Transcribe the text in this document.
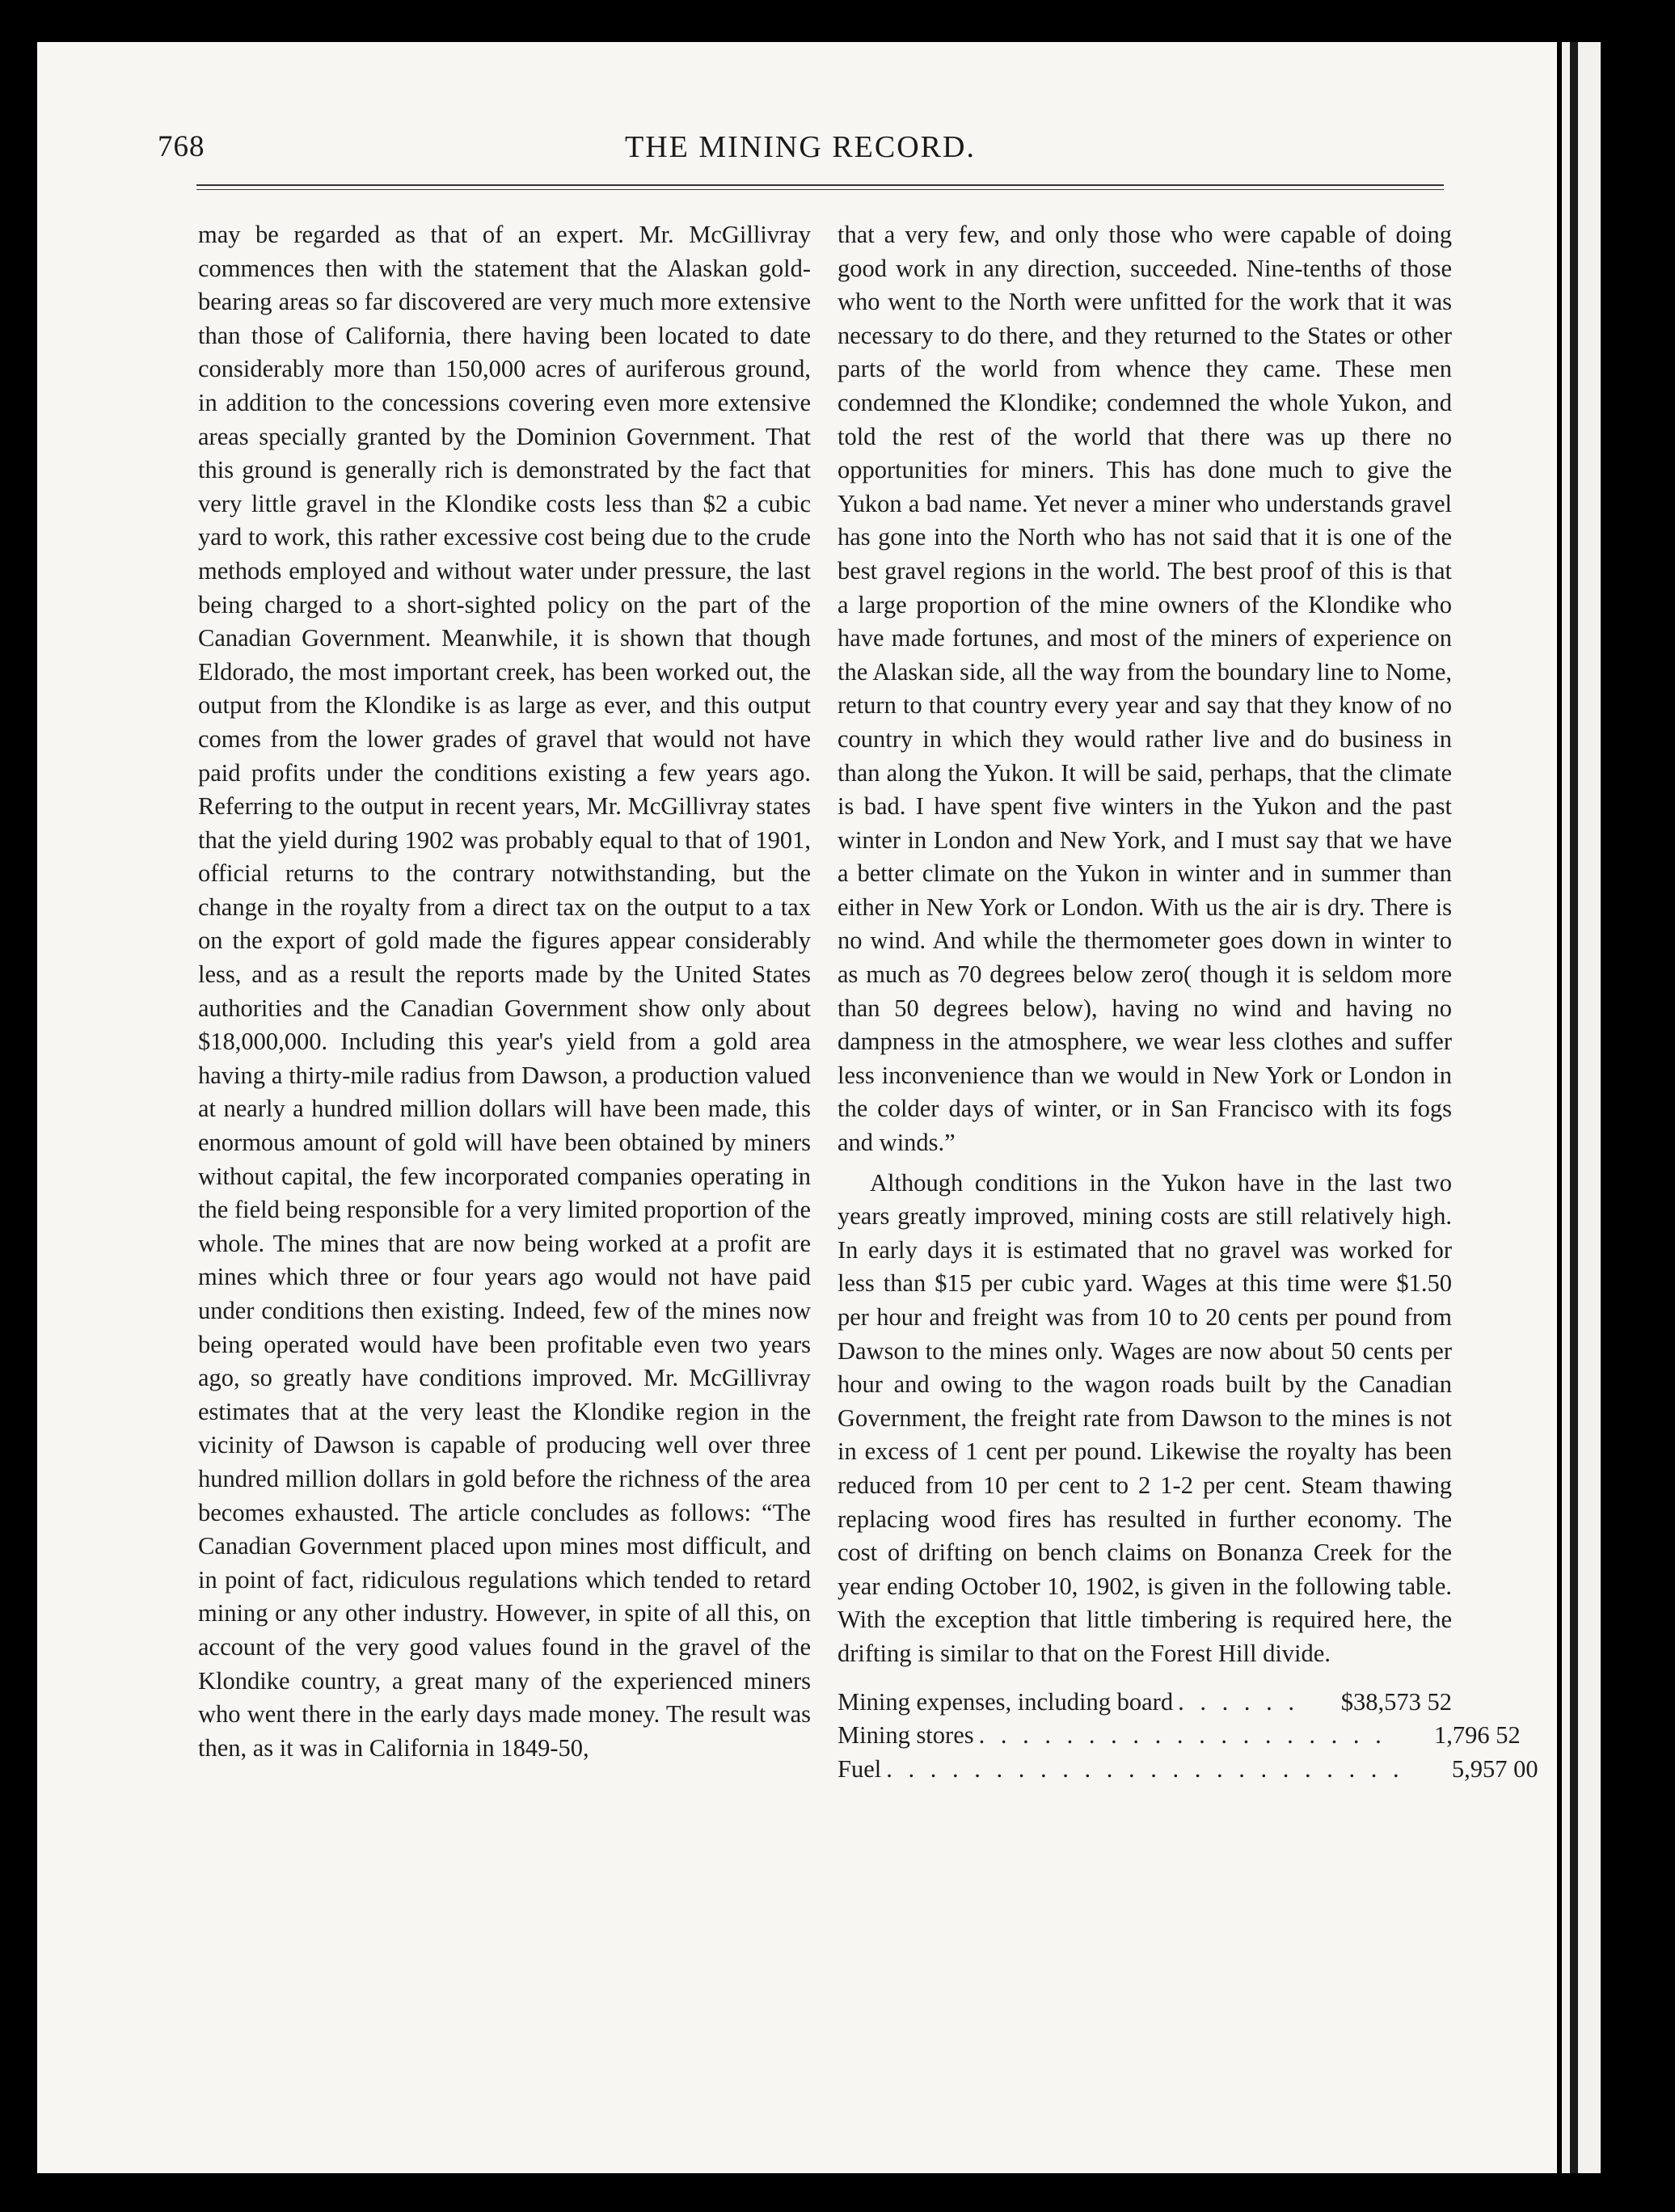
768	THE MINING RECORD.

may be regarded as that of an expert. Mr. McGillivray commences then with the statement that the Alaskan gold-bearing areas so far discovered are very much more extensive than those of California, there having been located to date considerably more than 150,000 acres of auriferous ground, in addition to the concessions covering even more extensive areas specially granted by the Dominion Government. That this ground is generally rich is demonstrated by the fact that very little gravel in the Klondike costs less than $2 a cubic yard to work, this rather excessive cost being due to the crude methods employed and without water under pressure, the last being charged to a short-sighted policy on the part of the Canadian Government. Meanwhile, it is shown that though Eldorado, the most important creek, has been worked out, the output from the Klondike is as large as ever, and this output comes from the lower grades of gravel that would not have paid profits under the conditions existing a few years ago. Referring to the output in recent years, Mr. McGillivray states that the yield during 1902 was probably equal to that of 1901, official returns to the contrary notwithstanding, but the change in the royalty from a direct tax on the output to a tax on the export of gold made the figures appear considerably less, and as a result the reports made by the United States authorities and the Canadian Government show only about $18,000,000. Including this year's yield from a gold area having a thirty-mile radius from Dawson, a production valued at nearly a hundred million dollars will have been made, this enormous amount of gold will have been obtained by miners without capital, the few incorporated companies operating in the field being responsible for a very limited proportion of the whole. The mines that are now being worked at a profit are mines which three or four years ago would not have paid under conditions then existing. Indeed, few of the mines now being operated would have been profitable even two years ago, so greatly have conditions improved. Mr. McGillivray estimates that at the very least the Klondike region in the vicinity of Dawson is capable of producing well over three hundred million dollars in gold before the richness of the area becomes exhausted. The article concludes as follows: “The Canadian Government placed upon mines most difficult, and in point of fact, ridiculous regulations which tended to retard mining or any other industry. However, in spite of all this, on account of the very good values found in the gravel of the Klondike country, a great many of the experienced miners who went there in the early days made money. The result was then, as it was in California in 1849-50,

that a very few, and only those who were capable of doing good work in any direction, succeeded. Nine-tenths of those who went to the North were unfitted for the work that it was necessary to do there, and they returned to the States or other parts of the world from whence they came. These men condemned the Klondike; condemned the whole Yukon, and told the rest of the world that there was up there no opportunities for miners. This has done much to give the Yukon a bad name. Yet never a miner who understands gravel has gone into the North who has not said that it is one of the best gravel regions in the world. The best proof of this is that a large proportion of the mine owners of the Klondike who have made fortunes, and most of the miners of experience on the Alaskan side, all the way from the boundary line to Nome, return to that country every year and say that they know of no country in which they would rather live and do business in than along the Yukon. It will be said, perhaps, that the climate is bad. I have spent five winters in the Yukon and the past winter in London and New York, and I must say that we have a better climate on the Yukon in winter and in summer than either in New York or London. With us the air is dry. There is no wind. And while the thermometer goes down in winter to as much as 70 degrees below zero( though it is seldom more than 50 degrees below), having no wind and having no dampness in the atmosphere, we wear less clothes and suffer less inconvenience than we would in New York or London in the colder days of winter, or in San Francisco with its fogs and winds.”

Although conditions in the Yukon have in the last two years greatly improved, mining costs are still relatively high. In early days it is estimated that no gravel was worked for less than $15 per cubic yard. Wages at this time were $1.50 per hour and freight was from 10 to 20 cents per pound from Dawson to the mines only. Wages are now about 50 cents per hour and owing to the wagon roads built by the Canadian Government, the freight rate from Dawson to the mines is not in excess of 1 cent per pound. Likewise the royalty has been reduced from 10 per cent to 2 1-2 per cent. Steam thawing replacing wood fires has resulted in further economy. The cost of drifting on bench claims on Bonanza Creek for the year ending October 10, 1902, is given in the following table. With the exception that little timbering is required here, the drifting is similar to that on the Forest Hill divide.

Mining expenses, including board . . . . . .	$38,573 52
Mining stores . . . . . . . . . . . . . . . . . . .	1,796 52
Fuel . . . . . . . . . . . . . . . . . . . . . . . .	5,957 00
